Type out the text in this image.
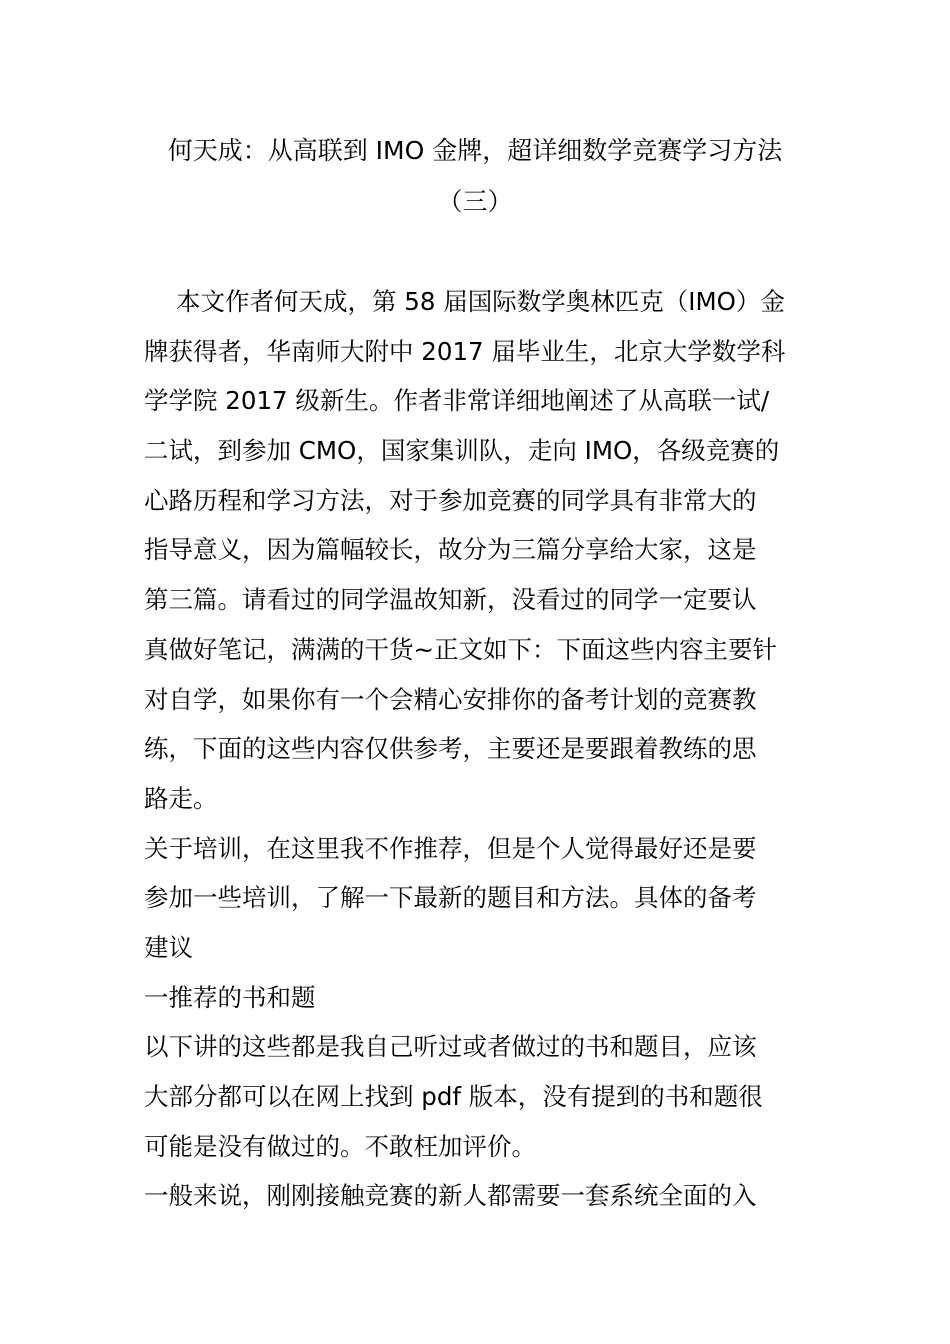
何天成：从高联到 IMO 金牌，超详细数学竞赛学习方法
（三）
本文作者何天成，第 58 届国际数学奥林匹克（IMO）金
牌获得者，华南师大附中 2017 届毕业生，北京大学数学科
学学院 2017 级新生。作者非常详细地阐述了从高联一试/
二试，到参加 CMO，国家集训队，走向 IMO，各级竞赛的
心路历程和学习方法，对于参加竞赛的同学具有非常大的
指导意义，因为篇幅较长，故分为三篇分享给大家，这是
第三篇。请看过的同学温故知新，没看过的同学一定要认
真做好笔记，满满的干货~正文如下：下面这些内容主要针
对自学，如果你有一个会精心安排你的备考计划的竞赛教
练，下面的这些内容仅供参考，主要还是要跟着教练的思
路走。
关于培训，在这里我不作推荐，但是个人觉得最好还是要
参加一些培训，了解一下最新的题目和方法。具体的备考
建议
一推荐的书和题
以下讲的这些都是我自己听过或者做过的书和题目，应该
大部分都可以在网上找到 pdf 版本，没有提到的书和题很
可能是没有做过的。不敢枉加评价。
一般来说，刚刚接触竞赛的新人都需要一套系统全面的入
